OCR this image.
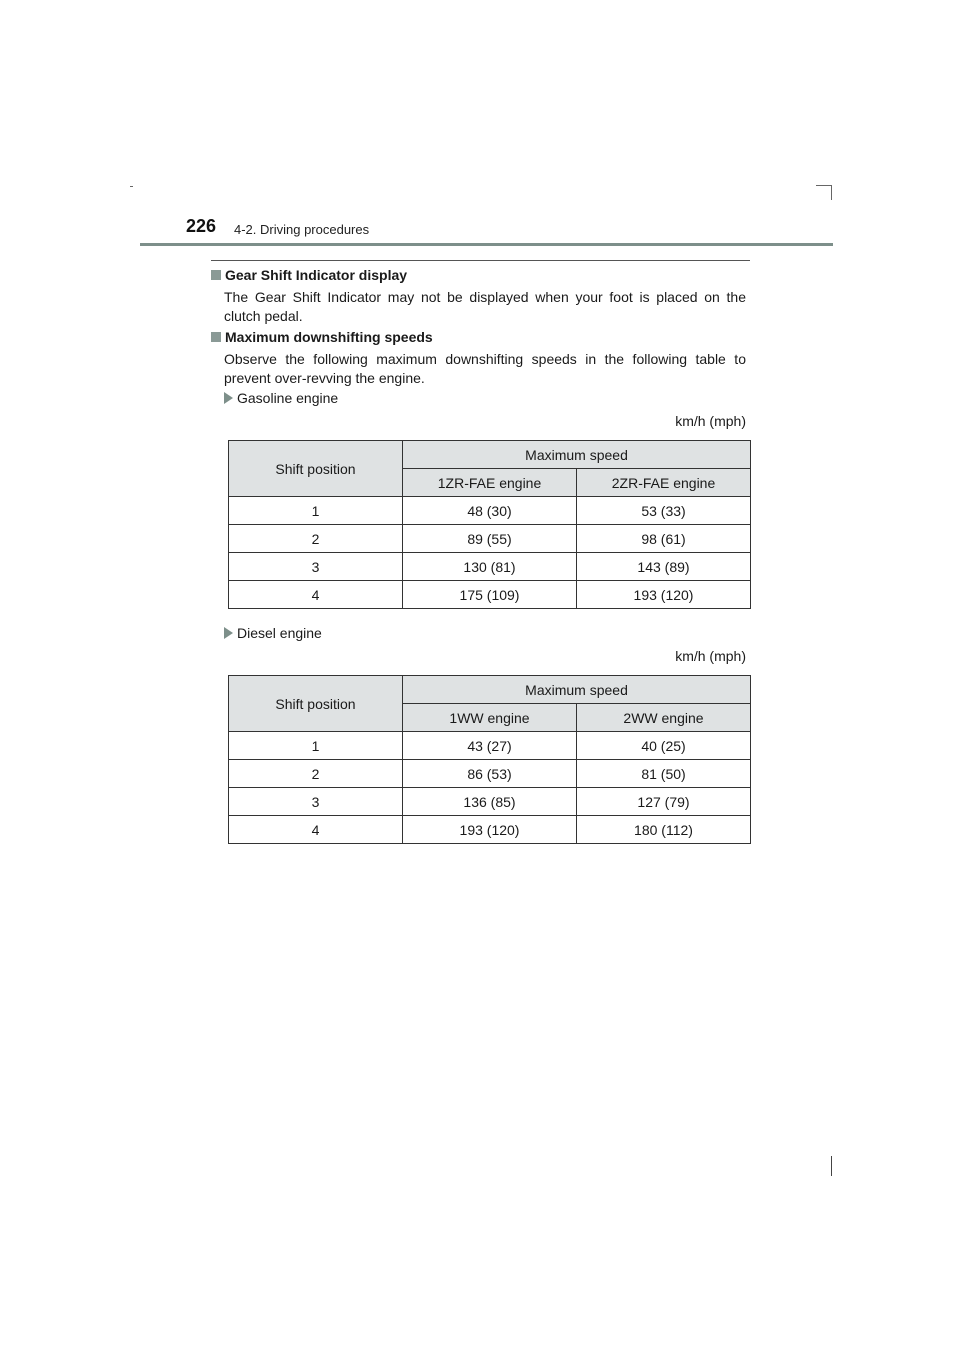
226 4-2. Driving procedures
Gear Shift Indicator display
The Gear Shift Indicator may not be displayed when your foot is placed on the clutch pedal.
Maximum downshifting speeds
Observe the following maximum downshifting speeds in the following table to prevent over-revving the engine.
Gasoline engine
km/h (mph)
Shift position	Maximum speed	
	1ZR-FAE engine	2ZR-FAE engine
1	48 (30)	53 (33)
2	89 (55)	98 (61)
3	130 (81)	143 (89)
4	175 (109)	193 (120)
Diesel engine
km/h (mph)
Shift position	Maximum speed	
	1WW engine	2WW engine
1	43 (27)	40 (25)
2	86 (53)	81 (50)
3	136 (85)	127 (79)
4	193 (120)	180 (112)
